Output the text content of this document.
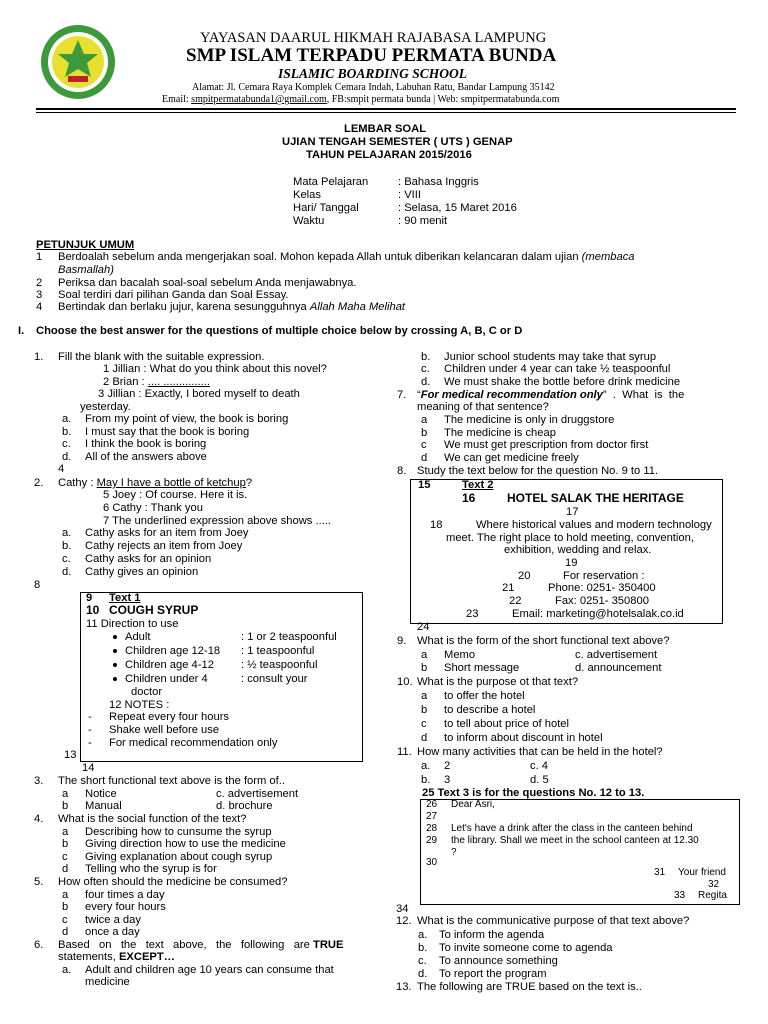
YAYASAN DAARUL HIKMAH RAJABASA LAMPUNG
SMP ISLAM TERPADU PERMATA BUNDA
ISLAMIC BOARDING SCHOOL
Alamat: Jl. Cemara Raya Komplek Cemara Indah, Labuhan Ratu, Bandar Lampung 35142
Email: smpitpermatabunda1@gmail.com, FB:smpit permata bunda | Web: smpitpermatabunda.com
LEMBAR SOAL
UJIAN TENGAH SEMESTER ( UTS ) GENAP
TAHUN PELAJARAN 2015/2016
Mata Pelajaran	: Bahasa Inggris
Kelas	: VIII
Hari/ Tanggal	: Selasa, 15 Maret 2016
Waktu	: 90 menit
PETUNJUK UMUM
1 Berdoalah sebelum anda mengerjakan soal. Mohon kepada Allah untuk diberikan kelancaran dalam ujian (membaca
Basmallah)
2 Periksa dan bacalah soal-soal sebelum Anda menjawabnya.
3 Soal terdiri dari pilihan Ganda dan Soal Essay.
4 Bertindak dan berlaku jujur, karena sesungguhnya Allah Maha Melihat
I. Choose the best answer for the questions of multiple choice below by crossing A, B, C or D
1. Fill the blank with the suitable expression.
1 Jillian : What do you think about this novel?
2 Brian : .... ...............
3 Jillian : Exactly, I bored myself to death
yesterday.
a. From my point of view, the book is boring
b. I must say that the book is boring
c. I think the book is boring
d. All of the answers above
4
2. Cathy : May I have a bottle of ketchup?
5 Joey : Of course. Here it is.
6 Cathy : Thank you
7 The underlined expression above shows .....
a. Cathy asks for an item from Joey
b. Cathy rejects an item from Joey
c. Cathy asks for an opinion
d. Cathy gives an opinion
8
9 Text 1
10 COUGH SYRUP
11 Direction to use
Adult	: 1 or 2 teaspoonful
Children age 12-18 : 1 teaspoonful
Children age 4-12 : ½ teaspoonful
Children under 4	: consult your
doctor
12 NOTES :
- Repeat every four hours
- Shake well before use
- For medical recommendation only
13
14
3. The short functional text above is the form of..
a Notice	c. advertisement
b Manual	d. brochure
4. What is the social function of the text?
a Describing how to cunsume the syrup
b Giving direction how to use the medicine
c Giving explanation about cough syrup
d Telling who the syrup is for
5. How often should the medicine be consumed?
a four times a day
b every four hours
c twice a day
d once a day
6. Based   on   the   text   above,   the   following   are TRUE
statements, EXCEPT…
a. Adult and children age 10 years can consume that
medicine
b. Junior school students may take that syrup
c. Children under 4 year can take ½ teaspoonful
d. We must shake the bottle before drink medicine
7. “For medical recommendation only”  .  What  is  the
meaning of that sentence?
a The medicine is only in druggstore
b The medicine is cheap
c We must get prescription from doctor first
d We can get medicine freely
8. Study the text below for the question No. 9 to 11.
15	Text 2
16	HOTEL SALAK THE HERITAGE
17
18	Where historical values and modern technology
meet. The right place to hold meeting, convention,
exhibition, wedding and relax.
19
20	For reservation :
21	Phone: 0251- 350400
22	Fax: 0251- 350800
23	Email: marketing@hotelsalak.co.id
24
9. What is the form of the short functional text above?
a Memo	c. advertisement
b Short message	d. announcement
10. What is the purpose ot that text?
a to offer the hotel
b to describe a hotel
c to tell about price of hotel
d to inform about discount in hotel
11. How many activities that can be held in the hotel?
a. 2	c. 4
b. 3	d. 5
25 Text 3 is for the questions No. 12 to 13.
26 Dear Asri,
27
28 Let's have a drink after the class in the canteen behind
29 the library. Shall we meet in the school canteen at 12.30
?
30
31 Your friend
32
33 Regita
34
12. What is the communicative purpose of that text above?
a. To inform the agenda
b. To invite someone come to agenda
c. To announce something
d. To report the program
13. The following are TRUE based on the text is..
